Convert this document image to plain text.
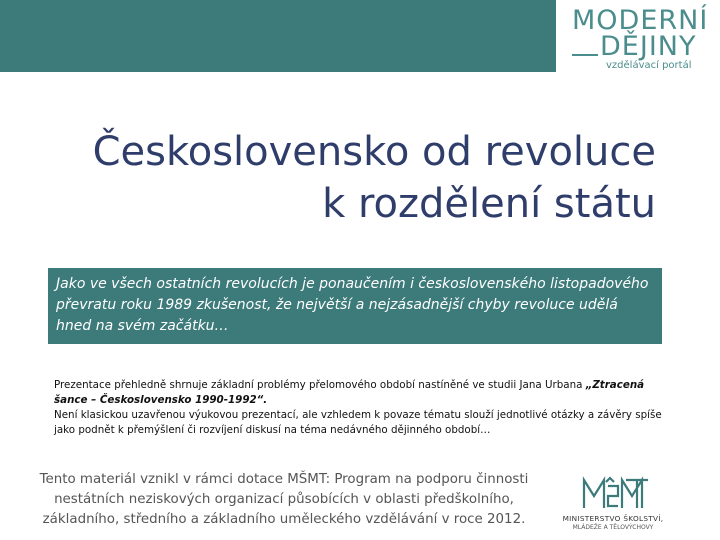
MODERNÍ
DĚJINY
vzdělávací portál
Československo od revoluce
k rozdělení státu
Jako ve všech ostatních revolucích je ponaučením i československého listopadového převratu roku 1989 zkušenost, že největší a nejzásadnější chyby revoluce udělá hned na svém začátku…

Prezentace přehledně shrnuje základní problémy přelomového období nastíněné ve studii Jana Urbana „Ztracená šance – Československo 1990-1992“.

Není klasickou uzavřenou výukovou prezentací, ale vzhledem k povaze tématu slouží jednotlivé otázky a závěry spíše jako podnět k přemýšlení či rozvíjení diskusí na téma nedávného dějinného období…

Tento materiál vznikl v rámci dotace MŠMT: Program na podporu činnosti nestátních neziskových organizací působících v oblasti předškolního, základního, středního a základního uměleckého vzdělávání v roce 2012.	MINISTERSTVO ŠKOLSTVÍ,
MLÁDEŽE A TĚLOVÝCHOVY
